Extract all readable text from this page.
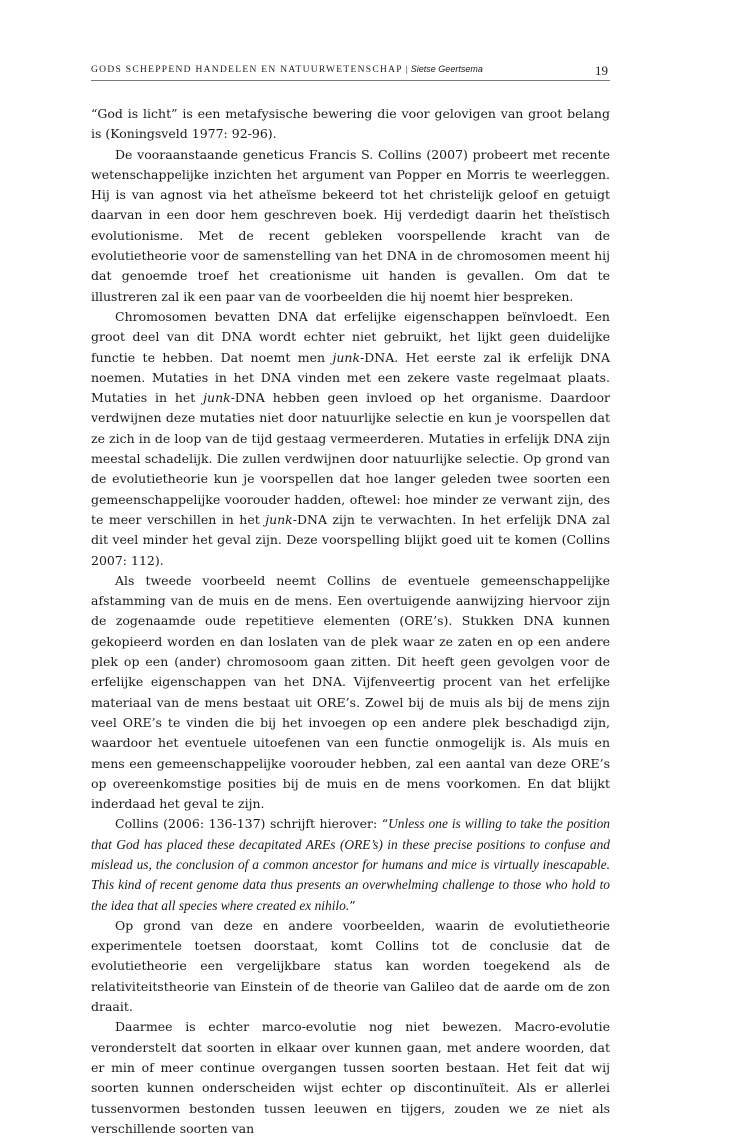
GODS SCHEPPEND HANDELEN EN NATUURWETENSCHAP | Sietse Geertsema	19

“God is licht” is een metafysische bewering die voor gelovigen van groot belang is (Koningsveld 1977: 92-96).

De vooraanstaande geneticus Francis S. Collins (2007) probeert met recente wetenschappelijke inzichten het argument van Popper en Morris te weerleggen. Hij is van agnost via het atheïsme bekeerd tot het christelijk geloof en getuigt daarvan in een door hem geschreven boek. Hij verdedigt daarin het theïstisch evolutionisme. Met de recent gebleken voorspellende kracht van de evolutietheorie voor de samenstelling van het DNA in de chromosomen meent hij dat genoemde troef het creationisme uit handen is gevallen. Om dat te illustreren zal ik een paar van de voorbeelden die hij noemt hier bespreken.

Chromosomen bevatten DNA dat erfelijke eigenschappen beïnvloedt. Een groot deel van dit DNA wordt echter niet gebruikt, het lijkt geen duidelijke functie te hebben. Dat noemt men junk-DNA. Het eerste zal ik erfelijk DNA noemen. Mutaties in het DNA vinden met een zekere vaste regelmaat plaats. Mutaties in het junk-DNA hebben geen invloed op het organisme. Daardoor verdwijnen deze mutaties niet door natuurlijke selectie en kun je voorspellen dat ze zich in de loop van de tijd gestaag vermeerderen. Mutaties in erfelijk DNA zijn meestal schadelijk. Die zullen verdwijnen door natuurlijke selectie. Op grond van de evolutietheorie kun je voorspellen dat hoe langer geleden twee soorten een gemeenschappelijke voorouder hadden, oftewel: hoe minder ze verwant zijn, des te meer verschillen in het junk-DNA zijn te verwachten. In het erfelijk DNA zal dit veel minder het geval zijn. Deze voorspelling blijkt goed uit te komen (Collins 2007: 112).

Als tweede voorbeeld neemt Collins de eventuele gemeenschappelijke afstamming van de muis en de mens. Een overtuigende aanwijzing hiervoor zijn de zogenaamde oude repetitieve elementen (ORE’s). Stukken DNA kunnen gekopieerd worden en dan loslaten van de plek waar ze zaten en op een andere plek op een (ander) chromosoom gaan zitten. Dit heeft geen gevolgen voor de erfelijke eigenschappen van het DNA. Vijfenveertig procent van het erfelijke materiaal van de mens bestaat uit ORE’s. Zowel bij de muis als bij de mens zijn veel ORE’s te vinden die bij het invoegen op een andere plek beschadigd zijn, waardoor het eventuele uitoefenen van een functie onmogelijk is. Als muis en mens een gemeenschappelijke voorouder hebben, zal een aantal van deze ORE’s op overeenkomstige posities bij de muis en de mens voorkomen. En dat blijkt inderdaad het geval te zijn.

Collins (2006: 136-137) schrijft hierover: “Unless one is willing to take the position that God has placed these decapitated AREs (ORE’s) in these precise positions to confuse and mislead us, the conclusion of a common ancestor for humans and mice is virtually inescapable. This kind of recent genome data thus presents an overwhelming challenge to those who hold to the idea that all species where created ex nihilo.”

Op grond van deze en andere voorbeelden, waarin de evolutietheorie experimentele toetsen doorstaat, komt Collins tot de conclusie dat de evolutietheorie een vergelijkbare status kan worden toegekend als de relativiteitstheorie van Einstein of de theorie van Galileo dat de aarde om de zon draait.

Daarmee is echter marco-evolutie nog niet bewezen. Macro-evolutie veronderstelt dat soorten in elkaar over kunnen gaan, met andere woorden, dat er min of meer continue overgangen tussen soorten bestaan. Het feit dat wij soorten kunnen onderscheiden wijst echter op discontinuïteit. Als er allerlei tussenvormen bestonden tussen leeuwen en tijgers, zouden we ze niet als verschillende soorten van
